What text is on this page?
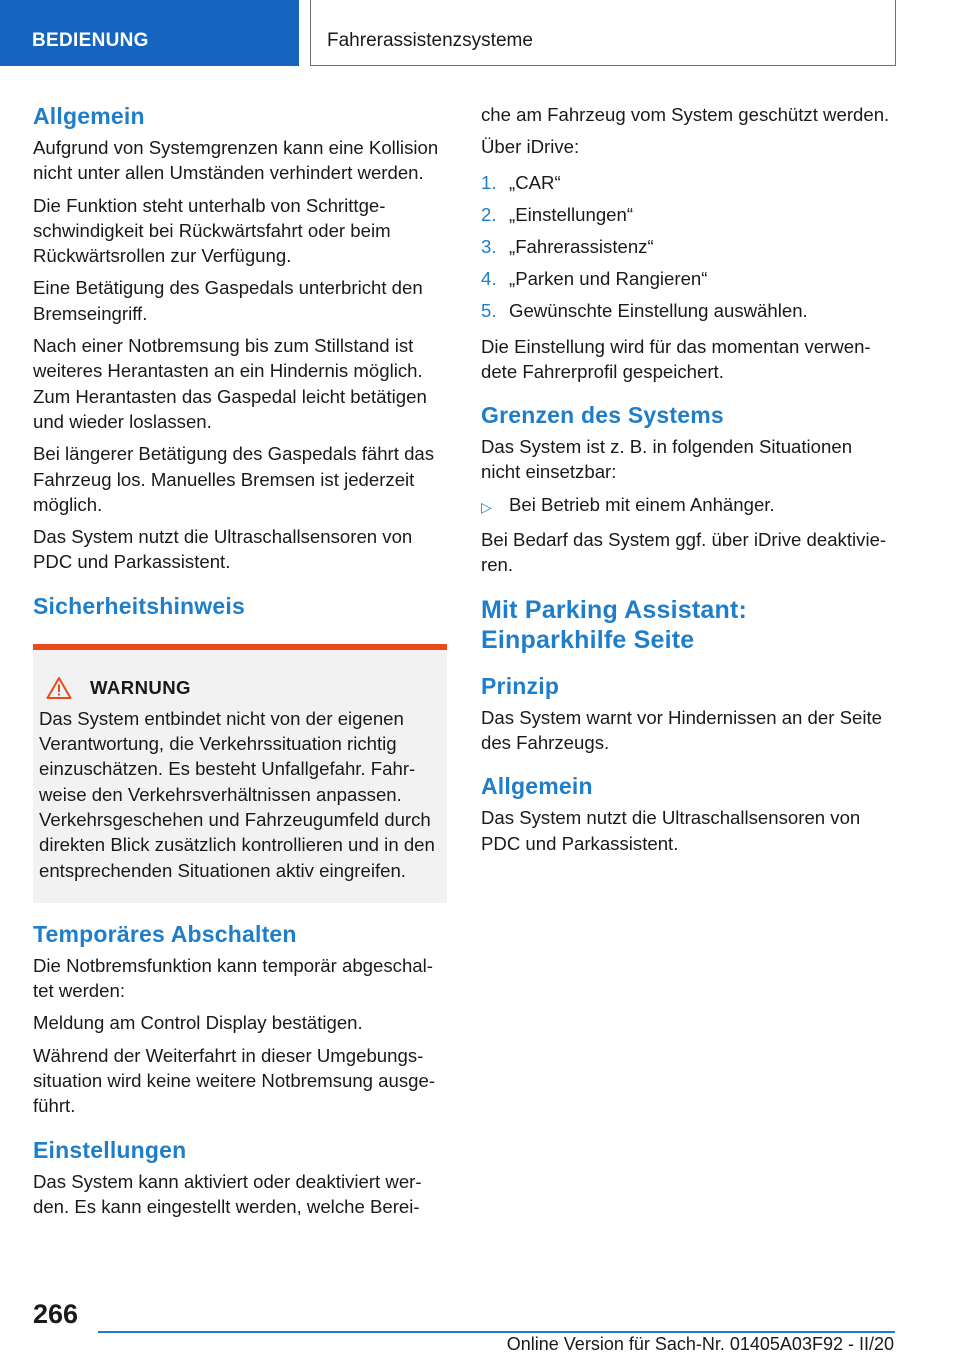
BEDIENUNG	Fahrerassistenzsysteme
Allgemein

Aufgrund von Systemgrenzen kann eine Kollision nicht unter allen Umständen verhindert werden.

Die Funktion steht unterhalb von Schrittgeschwindigkeit bei Rückwärtsfahrt oder beim Rückwärtsrollen zur Verfügung.

Eine Betätigung des Gaspedals unterbricht den Bremseingriff.

Nach einer Notbremsung bis zum Stillstand ist weiteres Herantasten an ein Hindernis möglich. Zum Herantasten das Gaspedal leicht betätigen und wieder loslassen.

Bei längerer Betätigung des Gaspedals fährt das Fahrzeug los. Manuelles Bremsen ist jederzeit möglich.

Das System nutzt die Ultraschallsensoren von PDC und Parkassistent.

Sicherheitshinweis
WARNUNG

Das System entbindet nicht von der eigenen Verantwortung, die Verkehrssituation richtig einzuschätzen. Es besteht Unfallgefahr. Fahrweise den Verkehrsverhältnissen anpassen. Verkehrsgeschehen und Fahrzeugumfeld durch direkten Blick zusätzlich kontrollieren und in den entsprechenden Situationen aktiv eingreifen.

Temporäres Abschalten

Die Notbremsfunktion kann temporär abgeschaltet werden:

Meldung am Control Display bestätigen.

Während der Weiterfahrt in dieser Umgebungssituation wird keine weitere Notbremsung ausgeführt.

Einstellungen

Das System kann aktiviert oder deaktiviert werden. Es kann eingestellt werden, welche Berei-

che am Fahrzeug vom System geschützt werden.

Über iDrive:

1. „CAR“
2. „Einstellungen“
3. „Fahrerassistenz“
4. „Parken und Rangieren“
5. Gewünschte Einstellung auswählen.

Die Einstellung wird für das momentan verwendete Fahrerprofil gespeichert.

Grenzen des Systems

Das System ist z. B. in folgenden Situationen nicht einsetzbar:

▷ Bei Betrieb mit einem Anhänger.

Bei Bedarf das System ggf. über iDrive deaktivieren.

Mit Parking Assistant: Einparkhilfe Seite
Prinzip

Das System warnt vor Hindernissen an der Seite des Fahrzeugs.

Allgemein

Das System nutzt die Ultraschallsensoren von PDC und Parkassistent.

266
Online Version für Sach-Nr. 01405A03F92 - II/20
